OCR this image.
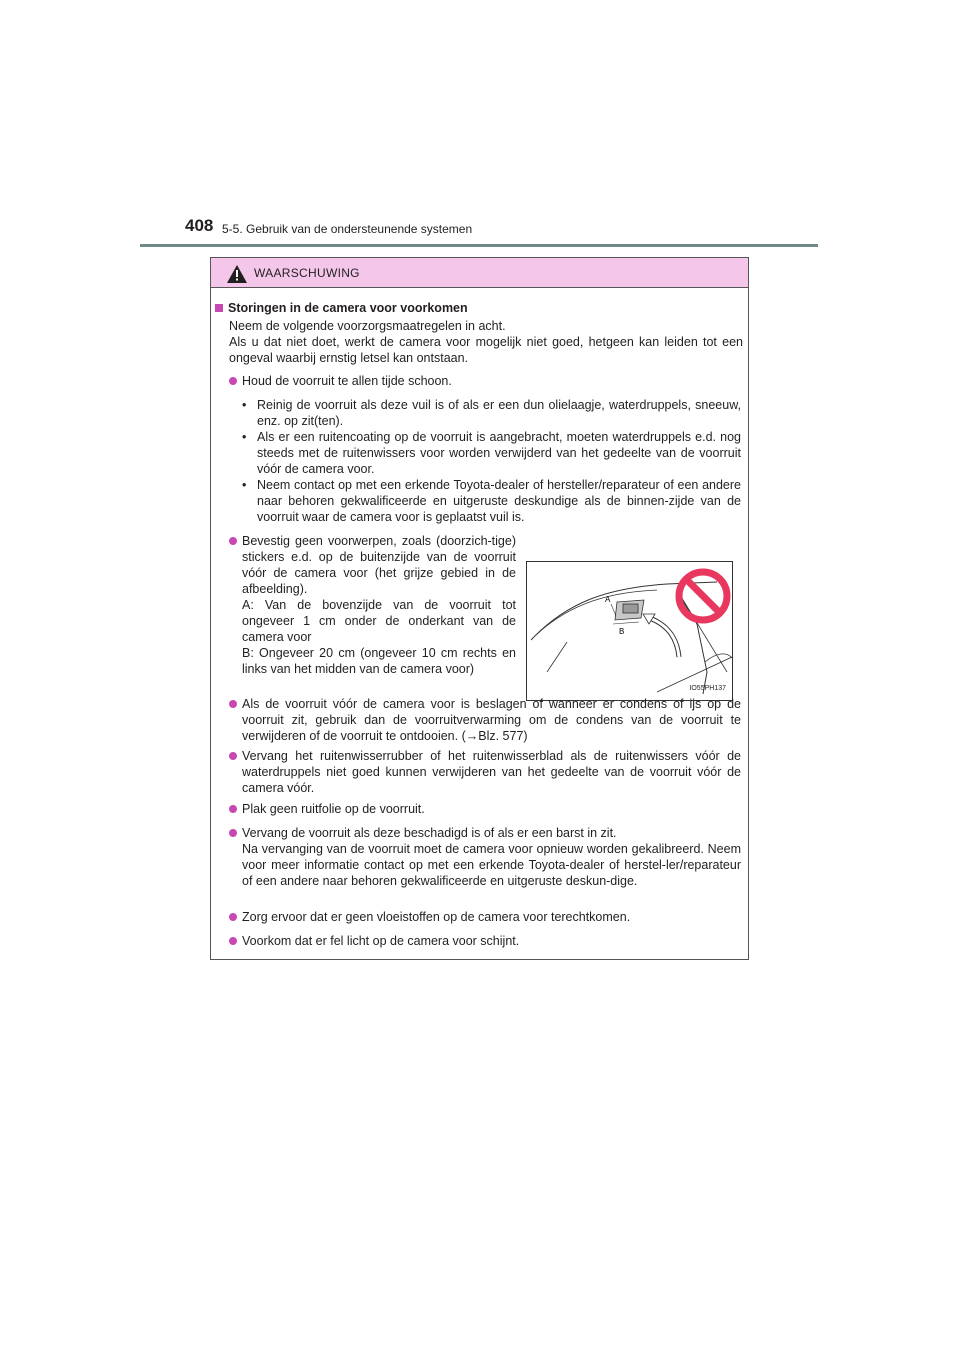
408 5-5. Gebruik van de ondersteunende systemen
WAARSCHUWING
Storingen in de camera voor voorkomen
Neem de volgende voorzorgsmaatregelen in acht.
Als u dat niet doet, werkt de camera voor mogelijk niet goed, hetgeen kan leiden tot een ongeval waarbij ernstig letsel kan ontstaan.
Houd de voorruit te allen tijde schoon.
• Reinig de voorruit als deze vuil is of als er een dun olielaagje, waterdruppels, sneeuw, enz. op zit(ten).
• Als er een ruitencoating op de voorruit is aangebracht, moeten waterdruppels e.d. nog steeds met de ruitenwissers voor worden verwijderd van het gedeelte van de voorruit vóór de camera voor.
• Neem contact op met een erkende Toyota-dealer of hersteller/reparateur of een andere naar behoren gekwalificeerde en uitgeruste deskundige als de binnen-zijde van de voorruit waar de camera voor is geplaatst vuil is.
Bevestig geen voorwerpen, zoals (doorzich-tige) stickers e.d. op de buitenzijde van de voorruit vóór de camera voor (het grijze gebied in de afbeelding).
A: Van de bovenzijde van de voorruit tot ongeveer 1 cm onder de onderkant van de camera voor
B: Ongeveer 20 cm (ongeveer 10 cm rechts en links van het midden van de camera voor)
A
B
IO55PH137
Als de voorruit vóór de camera voor is beslagen of wanneer er condens of ijs op de voorruit zit, gebruik dan de voorruitverwarming om de condens van de voorruit te verwijderen of de voorruit te ontdooien. (→Blz. 577)
Vervang het ruitenwisserrubber of het ruitenwisserblad als de ruitenwissers vóór de waterdruppels niet goed kunnen verwijderen van het gedeelte van de voorruit vóór de camera vóór.
Plak geen ruitfolie op de voorruit.
Vervang de voorruit als deze beschadigd is of als er een barst in zit.
Na vervanging van de voorruit moet de camera voor opnieuw worden gekalibreerd. Neem voor meer informatie contact op met een erkende Toyota-dealer of herstel-ler/reparateur of een andere naar behoren gekwalificeerde en uitgeruste deskun-dige.
Zorg ervoor dat er geen vloeistoffen op de camera voor terechtkomen.
Voorkom dat er fel licht op de camera voor schijnt.
